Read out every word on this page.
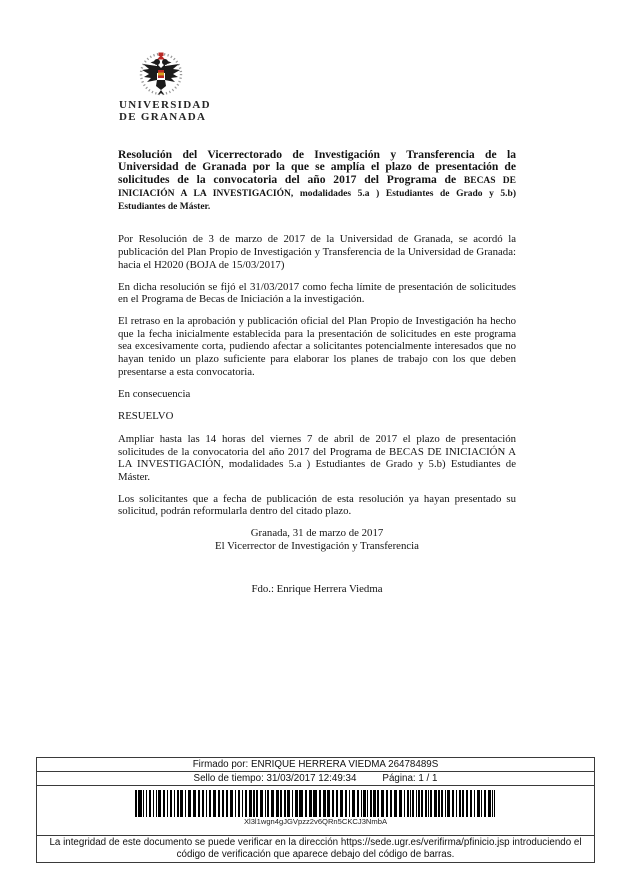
UNIVERSIDAD
DE GRANADA

Resolución del Vicerrectorado de Investigación y Transferencia de la Universidad de Granada por la que se amplía el plazo de presentación de solicitudes de la convocatoria del año 2017 del Programa de BECAS DE INICIACIÓN A LA INVESTIGACIÓN, modalidades 5.a ) Estudiantes de Grado y 5.b) Estudiantes de Máster.

Por Resolución de 3 de marzo de 2017 de la Universidad de Granada, se acordó la publicación del Plan Propio de Investigación y Transferencia de la Universidad de Granada: hacia el H2020 (BOJA de 15/03/2017)

En dicha resolución se fijó el 31/03/2017 como fecha límite de presentación de solicitudes en el Programa de Becas de Iniciación a la investigación.

El retraso en la aprobación y publicación oficial del Plan Propio de Investigación ha hecho que la fecha inicialmente establecida para la presentación de solicitudes en este programa sea excesivamente corta, pudiendo afectar a solicitantes potencialmente interesados que no hayan tenido un plazo suficiente para elaborar los planes de trabajo con los que deben presentarse a esta convocatoria.

En consecuencia

RESUELVO

Ampliar hasta las 14 horas del viernes 7 de abril de 2017 el plazo de presentación solicitudes de la convocatoria del año 2017 del Programa de BECAS DE INICIACIÓN A LA INVESTIGACIÓN, modalidades 5.a ) Estudiantes de Grado y 5.b) Estudiantes de Máster.

Los solicitantes que a fecha de publicación de esta resolución ya hayan presentado su solicitud, podrán reformularla dentro del citado plazo.

Granada, 31 de marzo de 2017
El Vicerrector de Investigación y Transferencia
Fdo.: Enrique Herrera Viedma
Firmado por: ENRIQUE HERRERA VIEDMA 26478489S
Sello de tiempo: 31/03/2017 12:49:34	Página: 1 / 1
Xl3l1wgn4gJGVpzz2v6QRn5CKCJ3NmbA
La integridad de este documento se puede verificar en la dirección https://sede.ugr.es/verifirma/pfinicio.jsp introduciendo el código de verificación que aparece debajo del código de barras.
